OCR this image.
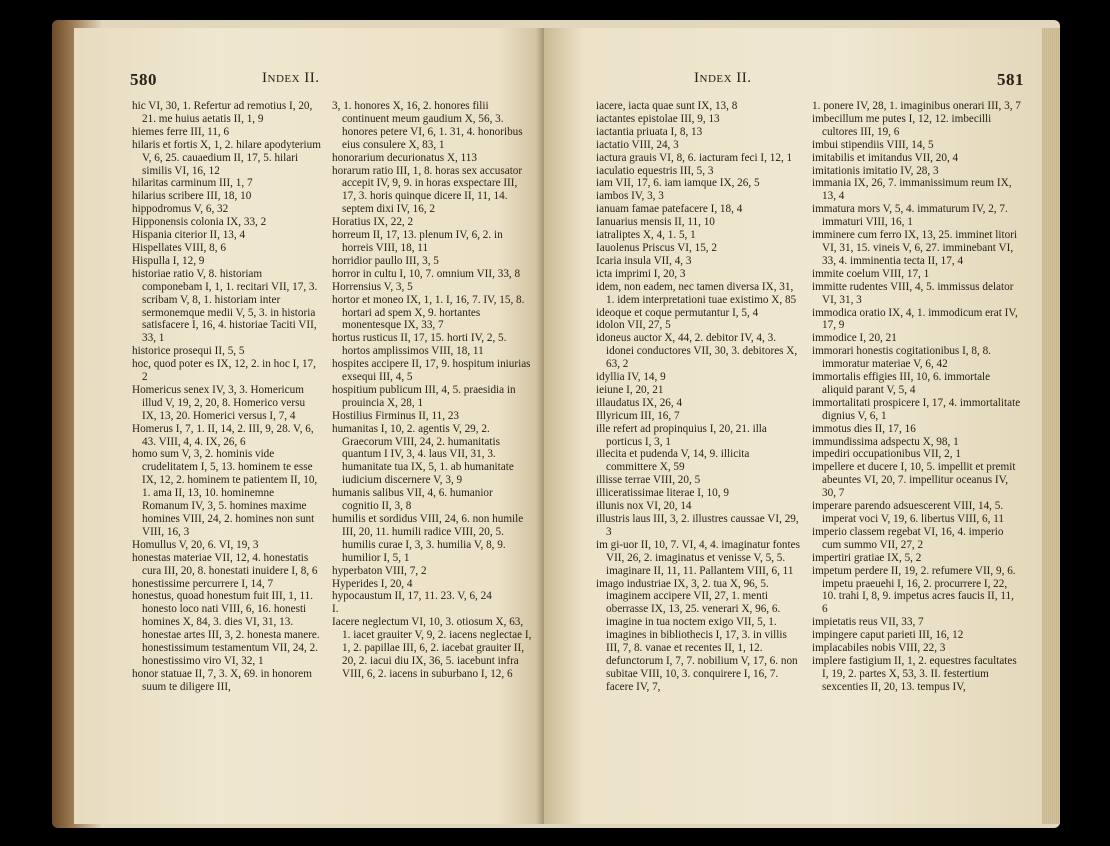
580	Index II.

hic VI, 30, 1. Refertur ad remotius I, 20, 21. me huius aetatis II, 1, 9

hiemes ferre III, 11, 6

hilaris et fortis X, 1, 2. hilare apodyterium V, 6, 25. cauaedium II, 17, 5. hilari similis VI, 16, 12

hilaritas carminum III, 1, 7

hilarius scribere III, 18, 10

hippodromus V, 6, 32

Hipponensis colonia IX, 33, 2

Hispania citerior II, 13, 4

Hispellates VIII, 8, 6

Hispulla I, 12, 9

historiae ratio V, 8. historiam componebam I, 1, 1. recitari VII, 17, 3. scribam V, 8, 1. historiam inter sermonemque medii V, 5, 3. in historia satisfacere I, 16, 4. historiae Taciti VII, 33, 1

historice prosequi II, 5, 5

hoc, quod poter es IX, 12, 2. in hoc I, 17, 2

Homericus senex IV, 3, 3. Homericum illud V, 19, 2, 20, 8. Homerico versu IX, 13, 20. Homerici versus I, 7, 4

Homerus I, 7, 1. II, 14, 2. III, 9, 28. V, 6, 43. VIII, 4, 4. IX, 26, 6

homo sum V, 3, 2. hominis vide crudelitatem I, 5, 13. hominem te esse IX, 12, 2. hominem te patientem II, 10, 1. ama II, 13, 10. hominemne Romanum IV, 3, 5. homines maxime homines VIII, 24, 2. homines non sunt VIII, 16, 3

Homullus V, 20, 6. VI, 19, 3

honestas materiae VII, 12, 4. honestatis cura III, 20, 8. honestati inuidere I, 8, 6

honestissime percurrere I, 14, 7

honestus, quoad honestum fuit III, 1, 11. honesto loco nati VIII, 6, 16. honesti homines X, 84, 3. dies VI, 31, 13. honestae artes III, 3, 2. honesta manere. honestissimum testamentum VII, 24, 2. honestissimo viro VI, 32, 1

honor statuae II, 7, 3. X, 69. in honorem suum te diligere III,

3, 1. honores X, 16, 2. honores filii continuent meum gaudium X, 56, 3. honores petere VI, 6, 1. 31, 4. honoribus eius consulere X, 83, 1

honorarium decurionatus X, 113

horarum ratio III, 1, 8. horas sex accusator accepit IV, 9, 9. in horas exspectare III, 17, 3. horis quinque dicere II, 11, 14. septem dixi IV, 16, 2

Horatius IX, 22, 2

horreum II, 17, 13. plenum IV, 6, 2. in horreis VIII, 18, 11

horridior paullo III, 3, 5

horror in cultu I, 10, 7. omnium VII, 33, 8

Horrensius V, 3, 5

hortor et moneo IX, 1, 1. I, 16, 7. IV, 15, 8. hortari ad spem X, 9. hortantes monentesque IX, 33, 7

hortus rusticus II, 17, 15. horti IV, 2, 5. hortos amplissimos VIII, 18, 11

hospites accipere II, 17, 9. hospitum iniurias exsequi III, 4, 5

hospitium publicum III, 4, 5. praesidia in prouincia X, 28, 1

Hostilius Firminus II, 11, 23

humanitas I, 10, 2. agentis V, 29, 2. Graecorum VIII, 24, 2. humanitatis quantum I IV, 3, 4. laus VII, 31, 3. humanitate tua IX, 5, 1. ab humanitate iudicium discernere V, 3, 9

humanis salibus VII, 4, 6. humanior cognitio II, 3, 8

humilis et sordidus VIII, 24, 6. non humile III, 20, 11. humili radice VIII, 20, 5. humilis curae I, 3, 3. humilia V, 8, 9. humilior I, 5, 1

hyperbaton VIII, 7, 2

Hyperides I, 20, 4

hypocaustum II, 17, 11. 23. V, 6, 24

I.

Iacere neglectum VI, 10, 3. otiosum X, 63, 1. iacet grauiter V, 9, 2. iacens neglectae I, 1, 2. papillae III, 6, 2. iacebat grauiter II, 20, 2. iacui diu IX, 36, 5. iacebunt infra VIII, 6, 2. iacens in suburbano I, 12, 6

Index II.	581

iacere, iacta quae sunt IX, 13, 8

iactantes epistolae III, 9, 13

iactantia priuata I, 8, 13

iactatio VIII, 24, 3

iactura grauis VI, 8, 6. iacturam feci I, 12, 1

iaculatio equestris III, 5, 3

iam VII, 17, 6. iam iamque IX, 26, 5

iambos IV, 3, 3

ianuam famae patefacere I, 18, 4

Ianuarius mensis II, 11, 10

iatraliptes X, 4, 1. 5, 1

Iauolenus Priscus VI, 15, 2

Icaria insula VII, 4, 3

icta imprimi I, 20, 3

idem, non eadem, nec tamen diversa IX, 31, 1. idem interpretationi tuae existimo X, 85

ideoque et coque permutantur I, 5, 4

idolon VII, 27, 5

idoneus auctor X, 44, 2. debitor IV, 4, 3. idonei conductores VII, 30, 3. debitores X, 63, 2

idyllia IV, 14, 9

ieiune I, 20, 21

illaudatus IX, 26, 4

Illyricum III, 16, 7

ille refert ad propinquius I, 20, 21. illa porticus I, 3, 1

illecita et pudenda V, 14, 9. illicita committere X, 59

illisse terrae VIII, 20, 5

illiceratissimae literae I, 10, 9

illunis nox VI, 20, 14

illustris laus III, 3, 2. illustres caussae VI, 29, 3

im gi-uor II, 10, 7. VI, 4, 4. imaginatur fontes VII, 26, 2. imaginatus et venisse V, 5, 5. imaginare II, 11, 11. Pallantem VIII, 6, 11

imago industriae IX, 3, 2. tua X, 96, 5. imaginem accipere VII, 27, 1. menti oberrasse IX, 13, 25. venerari X, 96, 6. imagine in tua noctem exigo VII, 5, 1. imagines in bibliothecis I, 17, 3. in villis III, 7, 8. vanae et recentes II, 1, 12. defunctorum I, 7, 7. nobilium V, 17, 6. non subitae VIII, 10, 3. conquirere I, 16, 7. facere IV, 7,

1. ponere IV, 28, 1. imaginibus onerari III, 3, 7

imbecillum me putes I, 12, 12. imbecilli cultores III, 19, 6

imbui stipendiis VIII, 14, 5

imitabilis et imitandus VII, 20, 4

imitationis imitatio IV, 28, 3

immania IX, 26, 7. immanissimum reum IX, 13, 4

immatura mors V, 5, 4. immaturum IV, 2, 7. immaturi VIII, 16, 1

imminere cum ferro IX, 13, 25. imminet litori VI, 31, 15. vineis V, 6, 27. imminebant VI, 33, 4. imminentia tecta II, 17, 4

immite coelum VIII, 17, 1

immitte rudentes VIII, 4, 5. immissus delator VI, 31, 3

immodica oratio IX, 4, 1. immodicum erat IV, 17, 9

immodice I, 20, 21

immorari honestis cogitationibus I, 8, 8. immoratur materiae V, 6, 42

immortalis effigies III, 10, 6. immortale aliquid parant V, 5, 4

immortalitati prospicere I, 17, 4. immortalitate dignius V, 6, 1

immotus dies II, 17, 16

immundissima adspectu X, 98, 1

impediri occupationibus VII, 2, 1

impellere et ducere I, 10, 5. impellit et premit abeuntes VI, 20, 7. impellitur oceanus IV, 30, 7

imperare parendo adsuescerent VIII, 14, 5. imperat voci V, 19, 6. libertus VIII, 6, 11

imperio classem regebat VI, 16, 4. imperio cum summo VII, 27, 2

impertiri gratiae IX, 5, 2

impetum perdere II, 19, 2. refumere VII, 9, 6. impetu praeuehi I, 16, 2. procurrere I, 22, 10. trahi I, 8, 9. impetus acres faucis II, 11, 6

impietatis reus VII, 33, 7

impingere caput parieti III, 16, 12

implacabiles nobis VIII, 22, 3

implere fastigium II, 1, 2. equestres facultates I, 19, 2. partes X, 53, 3. II. festertium sexcenties II, 20, 13. tempus IV,
